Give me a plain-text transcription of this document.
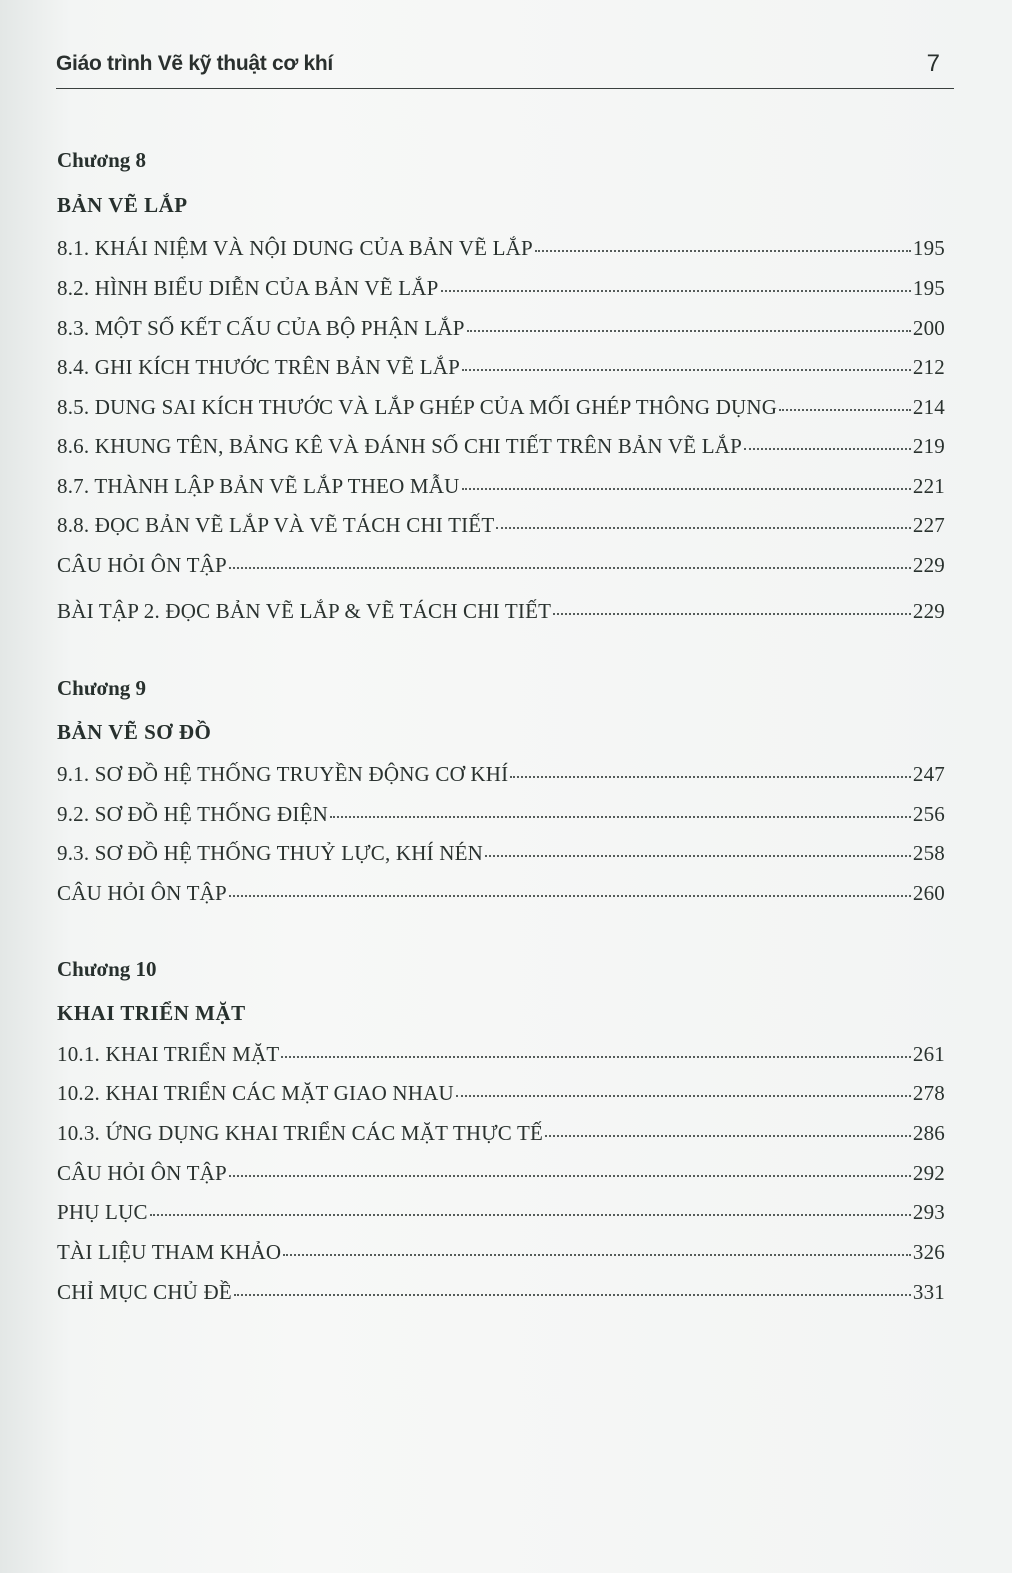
Giáo trình Vẽ kỹ thuật cơ khí	7
Chương 8
BẢN VẼ LẮP
8.1. KHÁI NIỆM VÀ NỘI DUNG CỦA BẢN VẼ LẮP	195
8.2. HÌNH BIỂU DIỄN CỦA BẢN VẼ LẮP	195
8.3. MỘT SỐ KẾT CẤU CỦA BỘ PHẬN LẮP	200
8.4. GHI KÍCH THƯỚC TRÊN BẢN VẼ LẮP	212
8.5. DUNG SAI KÍCH THƯỚC VÀ LẮP GHÉP CỦA MỐI GHÉP THÔNG DỤNG	214
8.6. KHUNG TÊN, BẢNG KÊ VÀ ĐÁNH SỐ CHI TIẾT TRÊN BẢN VẼ LẮP	219
8.7. THÀNH LẬP BẢN VẼ LẮP THEO MẪU	221
8.8. ĐỌC BẢN VẼ LẮP VÀ VẼ TÁCH CHI TIẾT	227
CÂU HỎI ÔN TẬP	229
BÀI TẬP 2. ĐỌC BẢN VẼ LẮP & VẼ TÁCH CHI TIẾT	229
Chương 9
BẢN VẼ SƠ ĐỒ
9.1. SƠ ĐỒ HỆ THỐNG TRUYỀN ĐỘNG CƠ KHÍ	247
9.2. SƠ ĐỒ HỆ THỐNG ĐIỆN	256
9.3. SƠ ĐỒ HỆ THỐNG THUỶ LỰC, KHÍ NÉN	258
CÂU HỎI ÔN TẬP	260
Chương 10
KHAI TRIỂN MẶT
10.1. KHAI TRIỂN MẶT	261
10.2. KHAI TRIỂN CÁC MẶT GIAO NHAU	278
10.3. ỨNG DỤNG KHAI TRIỂN CÁC MẶT THỰC TẾ	286
CÂU HỎI ÔN TẬP	292
PHỤ LỤC	293
TÀI LIỆU THAM KHẢO	326
CHỈ MỤC CHỦ ĐỀ	331
